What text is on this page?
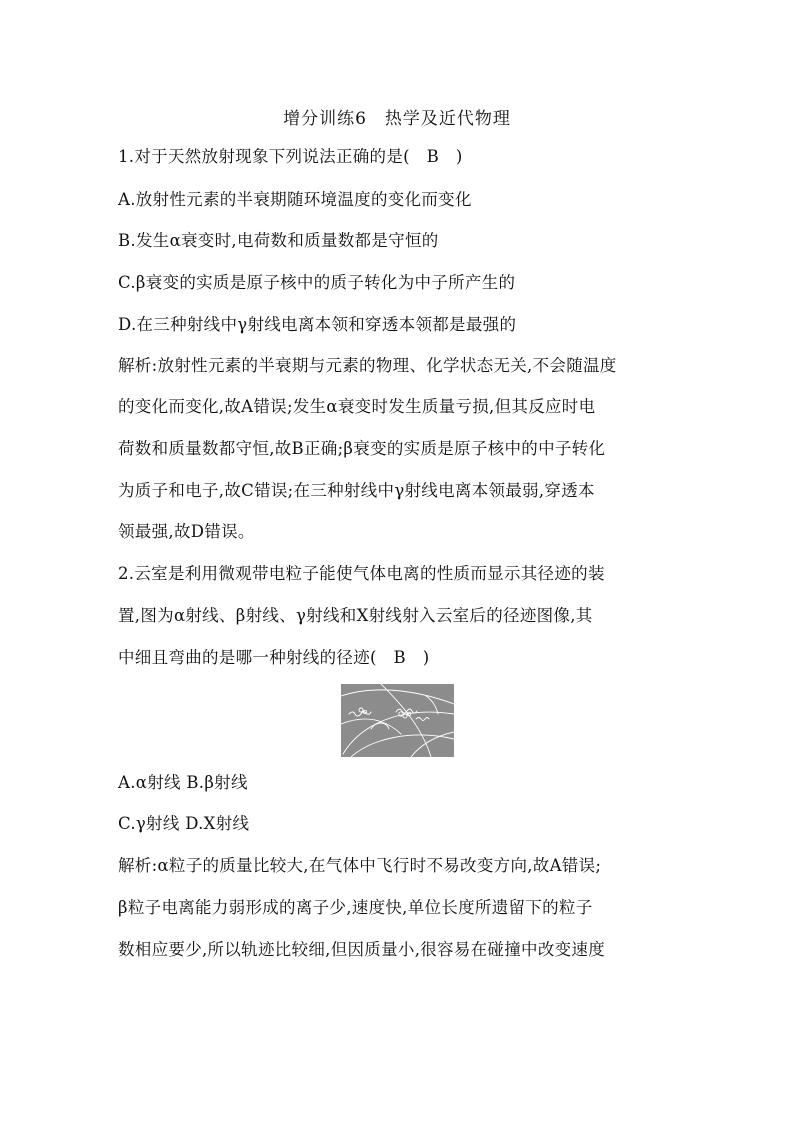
增分训练6　热学及近代物理
1.对于天然放射现象下列说法正确的是(　B　)
A.放射性元素的半衰期随环境温度的变化而变化
B.发生α衰变时,电荷数和质量数都是守恒的
C.β衰变的实质是原子核中的质子转化为中子所产生的
D.在三种射线中γ射线电离本领和穿透本领都是最强的
解析:放射性元素的半衰期与元素的物理、化学状态无关,不会随温度
的变化而变化,故A错误;发生α衰变时发生质量亏损,但其反应时电
荷数和质量数都守恒,故B正确;β衰变的实质是原子核中的中子转化
为质子和电子,故C错误;在三种射线中γ射线电离本领最弱,穿透本
领最强,故D错误。
2.云室是利用微观带电粒子能使气体电离的性质而显示其径迹的装
置,图为α射线、β射线、γ射线和X射线射入云室后的径迹图像,其
中细且弯曲的是哪一种射线的径迹(　B　)
A.α射线 B.β射线
C.γ射线 D.X射线
解析:α粒子的质量比较大,在气体中飞行时不易改变方向,故A错误;
β粒子电离能力弱形成的离子少,速度快,单位长度所遗留下的粒子
数相应要少,所以轨迹比较细,但因质量小,很容易在碰撞中改变速度
